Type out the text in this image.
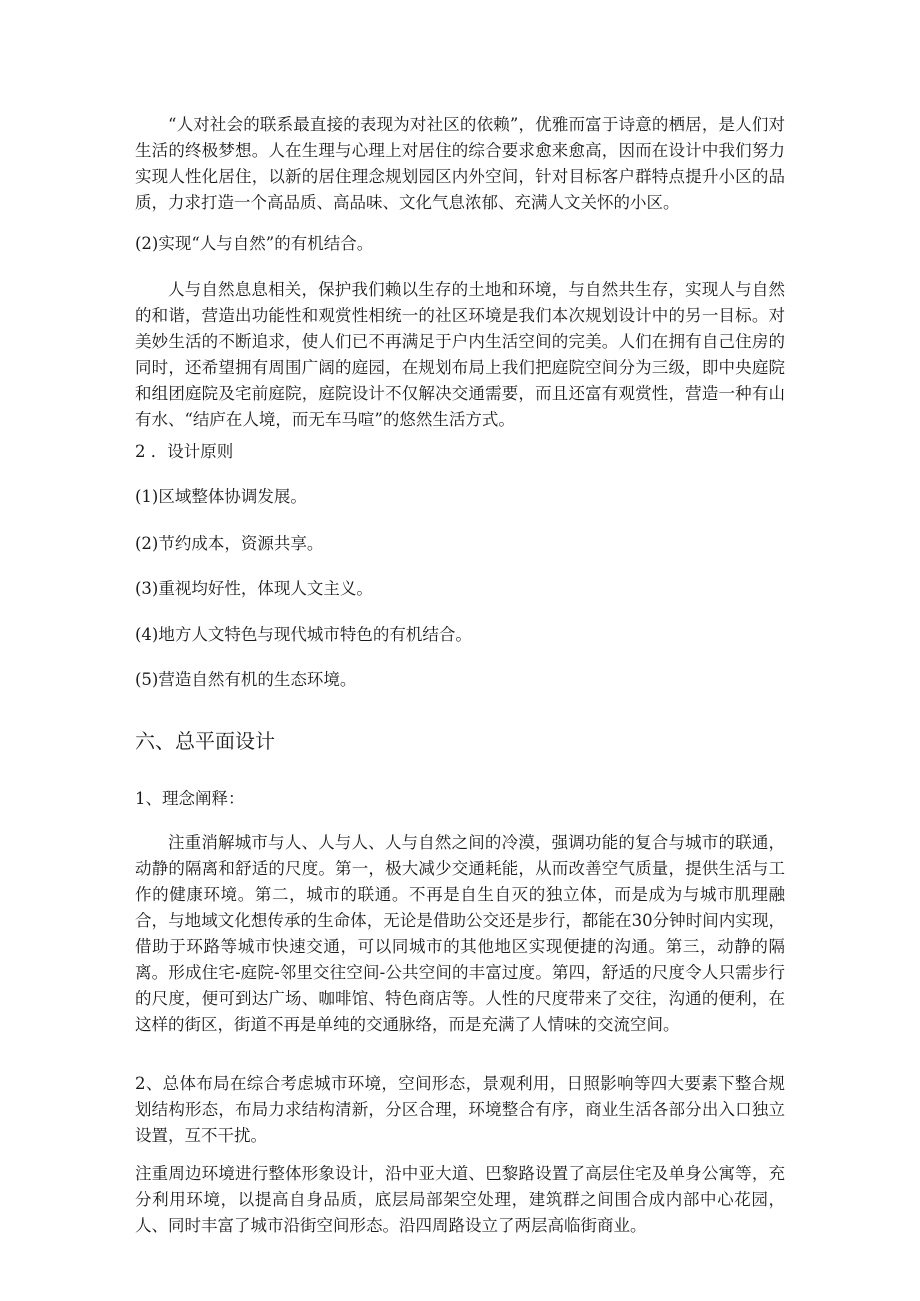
“人对社会的联系最直接的表现为对社区的依赖”，优雅而富于诗意的栖居，是人们对生活的终极梦想。人在生理与心理上对居住的综合要求愈来愈高，因而在设计中我们努力实现人性化居住，以新的居住理念规划园区内外空间，针对目标客户群特点提升小区的品质，力求打造一个高品质、高品味、文化气息浓郁、充满人文关怀的小区。

(2)实现“人与自然”的有机结合。

人与自然息息相关，保护我们赖以生存的土地和环境，与自然共生存，实现人与自然的和谐，营造出功能性和观赏性相统一的社区环境是我们本次规划设计中的另一目标。对美妙生活的不断追求，使人们已不再满足于户内生活空间的完美。人们在拥有自己住房的同时，还希望拥有周围广阔的庭园，在规划布局上我们把庭院空间分为三级，即中央庭院和组团庭院及宅前庭院，庭院设计不仅解决交通需要，而且还富有观赏性，营造一种有山有水、“结庐在人境，而无车马喧”的悠然生活方式。

2 ．设计原则

(1)区域整体协调发展。

(2)节约成本，资源共享。

(3)重视均好性，体现人文主义。

(4)地方人文特色与现代城市特色的有机结合。

(5)营造自然有机的生态环境。

六、总平面设计

1、理念阐释：

注重消解城市与人、人与人、人与自然之间的冷漠，强调功能的复合与城市的联通，动静的隔离和舒适的尺度。第一，极大减少交通耗能，从而改善空气质量，提供生活与工作的健康环境。第二，城市的联通。不再是自生自灭的独立体，而是成为与城市肌理融合，与地域文化想传承的生命体，无论是借助公交还是步行，都能在30分钟时间内实现，借助于环路等城市快速交通，可以同城市的其他地区实现便捷的沟通。第三，动静的隔离。形成住宅-庭院-邻里交往空间-公共空间的丰富过度。第四，舒适的尺度令人只需步行的尺度，便可到达广场、咖啡馆、特色商店等。人性的尺度带来了交往，沟通的便利，在这样的街区，街道不再是单纯的交通脉络，而是充满了人情味的交流空间。

2、总体布局在综合考虑城市环境，空间形态，景观利用，日照影响等四大要素下整合规划结构形态，布局力求结构清新，分区合理，环境整合有序，商业生活各部分出入口独立设置，互不干扰。

注重周边环境进行整体形象设计，沿中亚大道、巴黎路设置了高层住宅及单身公寓等，充分利用环境，以提高自身品质，底层局部架空处理，建筑群之间围合成内部中心花园，人、同时丰富了城市沿街空间形态。沿四周路设立了两层高临街商业。
